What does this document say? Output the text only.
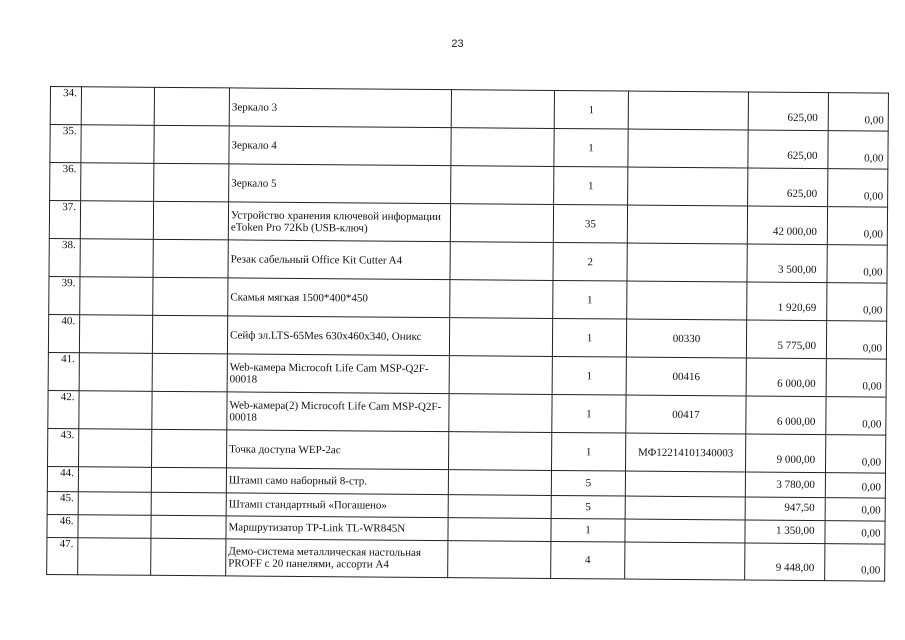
23
34.			Зеркало 3		1		625,00	0,00
35.			Зеркало 4		1		625,00	0,00
36.			Зеркало 5		1		625,00	0,00
37.			Устройство хранения ключевой информации eToken Pro 72Kb (USB-ключ)		35		42 000,00	0,00
38.			Резак сабельный Office Kit Cutter A4		2		3 500,00	0,00
39.			Скамья мягкая 1500*400*450		1		1 920,69	0,00
40.			Сейф эл.LTS-65Mes 630x460x340, Оникс		1	00330	5 775,00	0,00
41.			Web-камера Microcoft Life Cam MSP-Q2F-00018		1	00416	6 000,00	0,00
42.			Web-камера(2) Microcoft Life Cam MSP-Q2F-00018		1	00417	6 000,00	0,00
43.			Точка доступа WEP-2ac		1	МФ12214101340003	9 000,00	0,00
44.			Штамп само наборный 8-стр.		5		3 780,00	0,00
45.			Штамп стандартный «Погашено»		5		947,50	0,00
46.			Маршрутизатор TP-Link TL-WR845N		1		1 350,00	0,00
47.			Демо-система металлическая настольная PROFF с 20 панелями, ассорти А4		4		9 448,00	0,00
